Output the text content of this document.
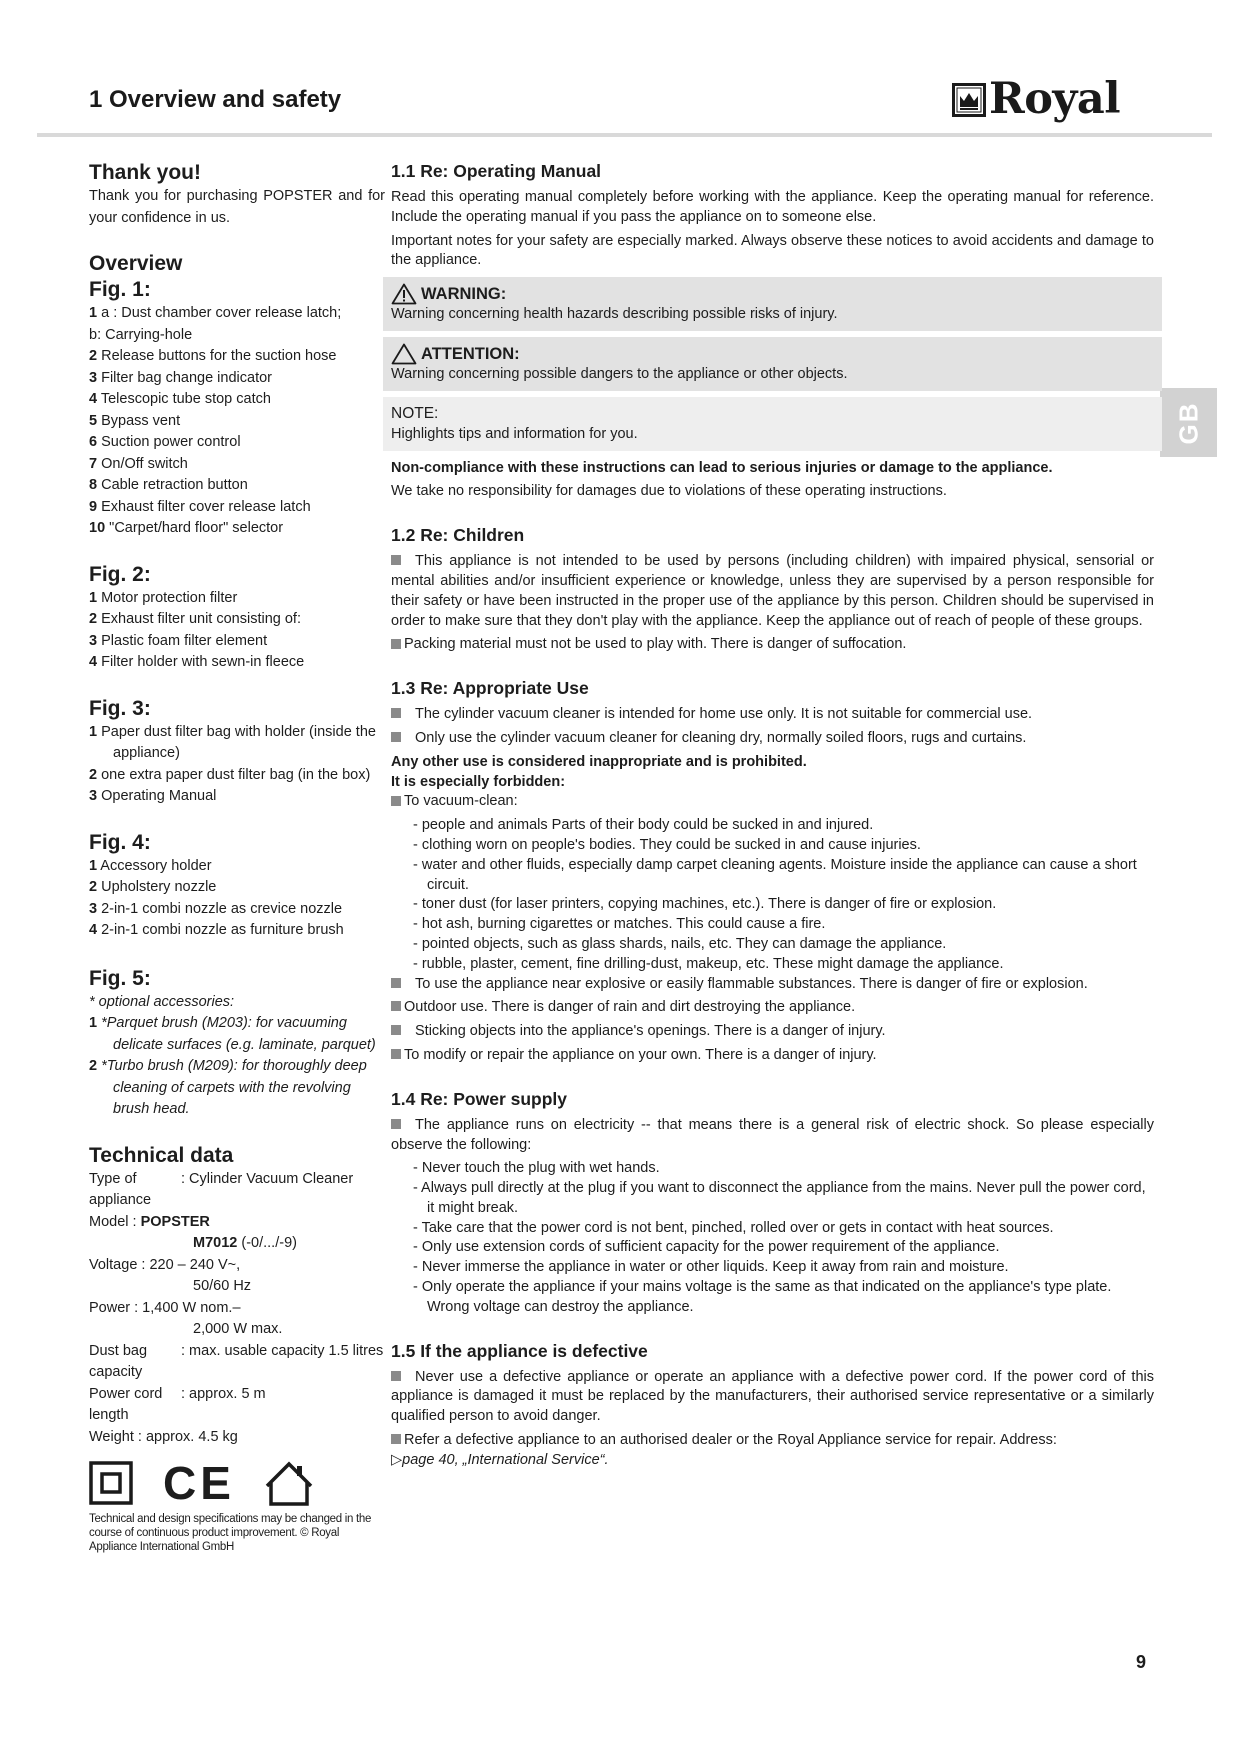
1 Overview and safety	Royal
GB
Thank you!

Thank you for purchasing POPSTER and for your confidence in us.

Overview
Fig. 1:
1 a : Dust chamber cover release latch;
b: Carrying-hole
2 Release buttons for the suction hose
3 Filter bag change indicator
4 Telescopic tube stop catch
5 Bypass vent
6 Suction power control
7 On/Off switch
8 Cable retraction button
9 Exhaust filter cover release latch
10 "Carpet/hard floor" selector
Fig. 2:
1 Motor protection filter
2 Exhaust filter unit consisting of:
3 Plastic foam filter element
4 Filter holder with sewn-in fleece
Fig. 3:
1 Paper dust filter bag with holder (inside the appliance)
2 one extra paper dust filter bag (in the box)
3 Operating Manual
Fig. 4:
1 Accessory holder
2 Upholstery nozzle
3 2-in-1 combi nozzle as crevice nozzle
4 2-in-1 combi nozzle as furniture brush
Fig. 5:
* optional accessories:
1 *Parquet brush (M203): for vacuuming delicate surfaces (e.g. laminate, parquet)
2 *Turbo brush (M209): for thoroughly deep cleaning of carpets with the revolving brush head.
Technical data
Type of appliance
: Cylinder Vacuum Cleaner
Model : POPSTER
M7012 (-0/.../-9)
Voltage : 220 – 240 V~,
50/60 Hz
Power : 1,400 W nom.–
2,000 W max.
Dust bag capacity
: max. usable capacity 1.5 litres
Power cord length
: approx. 5 m
Weight : approx. 4.5 kg
CE
Technical and design specifications may be changed in the course of continuous product improvement. © Royal Appliance International GmbH
1.1 Re: Operating Manual

Read this operating manual completely before working with the appliance. Keep the operating manual for reference. Include the operating manual if you pass the appliance on to someone else.

Important notes for your safety are especially marked. Always observe these notices to avoid accidents and damage to the appliance.

WARNING:
Warning concerning health hazards describing possible risks of injury.
ATTENTION:
Warning concerning possible dangers to the appliance or other objects.
NOTE:
Highlights tips and information for you.

Non-compliance with these instructions can lead to serious injuries or damage to the appliance.

We take no responsibility for damages due to violations of these operating instructions.

1.2 Re: Children

This appliance is not intended to be used by persons (including children) with impaired physical, sensorial or mental abilities and/or insufficient experience or knowledge, unless they are supervised by a person responsible for their safety or have been instructed in the proper use of the appliance by this person. Children should be supervised in order to make sure that they don't play with the appliance. Keep the appliance out of reach of people of these groups.

Packing material must not be used to play with. There is danger of suffocation.

1.3 Re: Appropriate Use

The cylinder vacuum cleaner is intended for home use only. It is not suitable for commercial use.

Only use the cylinder vacuum cleaner for cleaning dry, normally soiled floors, rugs and curtains.

Any other use is considered inappropriate and is prohibited.
It is especially forbidden:

To vacuum-clean:

- people and animals Parts of their body could be sucked in and injured.
- clothing worn on people's bodies. They could be sucked in and cause injuries.
- water and other fluids, especially damp carpet cleaning agents. Moisture inside the appliance can cause a short circuit.
- toner dust (for laser printers, copying machines, etc.). There is danger of fire or explosion.
- hot ash, burning cigarettes or matches. This could cause a fire.
- pointed objects, such as glass shards, nails, etc. They can damage the appliance.
- rubble, plaster, cement, fine drilling-dust, makeup, etc. These might damage the appliance.

To use the appliance near explosive or easily flammable substances. There is danger of fire or explosion.

Outdoor use. There is danger of rain and dirt destroying the appliance.

Sticking objects into the appliance's openings. There is a danger of injury.

To modify or repair the appliance on your own. There is a danger of injury.

1.4 Re: Power supply

The appliance runs on electricity -- that means there is a general risk of electric shock. So please especially observe the following:

- Never touch the plug with wet hands.
- Always pull directly at the plug if you want to disconnect the appliance from the mains. Never pull the power cord, it might break.
- Take care that the power cord is not bent, pinched, rolled over or gets in contact with heat sources.
- Only use extension cords of sufficient capacity for the power requirement of the appliance.
- Never immerse the appliance in water or other liquids. Keep it away from rain and moisture.
- Only operate the appliance if your mains voltage is the same as that indicated on the appliance's type plate. Wrong voltage can destroy the appliance.
1.5 If the appliance is defective

Never use a defective appliance or operate an appliance with a defective power cord. If the power cord of this appliance is damaged it must be replaced by the manufacturers, their authorised service representative or a similarly qualified person to avoid danger.

Refer a defective appliance to an authorised dealer or the Royal Appliance service for repair. Address:
▷page 40, „International Service“.

9
